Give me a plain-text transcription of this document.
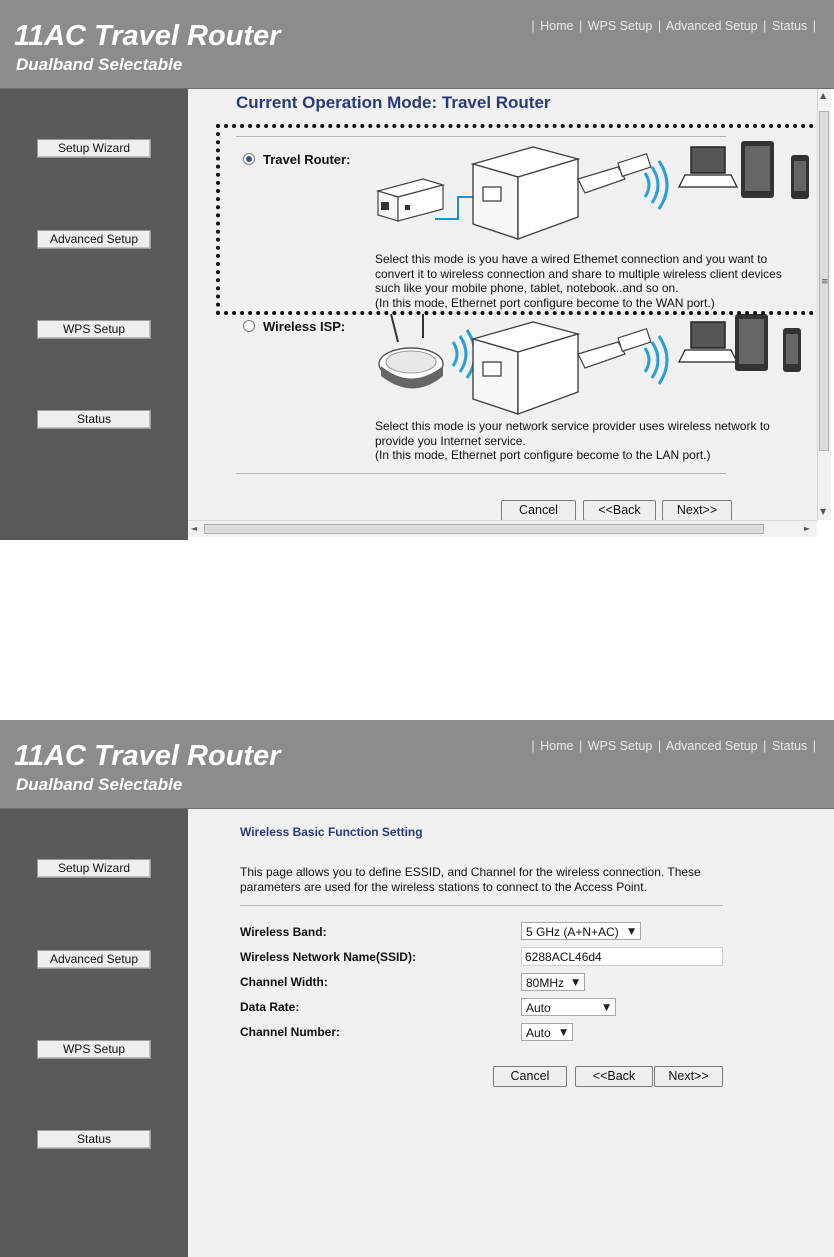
11AC Travel Router
Dualband Selectable
| Home | WPS Setup | Advanced Setup | Status |
Setup Wizard
Advanced Setup
WPS Setup
Status
Current Operation Mode: Travel Router
Travel Router:
Select this mode is you have a wired Ethemet connection and you want to
convert it to wireless connection and share to multiple wireless client devices
such like your mobile phone, tablet, notebook..and so on.
(In this mode, Ethernet port configure become to the WAN port.)
Wireless ISP:
Select this mode is your network service provider uses wireless network to
provide you Internet service.
(In this mode, Ethernet port configure become to the LAN port.)
Cancel	<<Back	Next>>
▲
≡
▼
◄	►
11AC Travel Router
Dualband Selectable
| Home | WPS Setup | Advanced Setup | Status |
Setup Wizard
Advanced Setup
WPS Setup
Status
Wireless Basic Function Setting
This page allows you to define ESSID, and Channel for the wireless connection. These
parameters are used for the wireless stations to connect to the Access Point.
Wireless Band:	5 GHz (A+N+AC) ▼
Wireless Network Name(SSID):	6288ACL46d4
Channel Width:	80MHz ▼
Data Rate:	Auto	▼
Channel Number:	Auto ▼
Cancel	<<Back	Next>>
